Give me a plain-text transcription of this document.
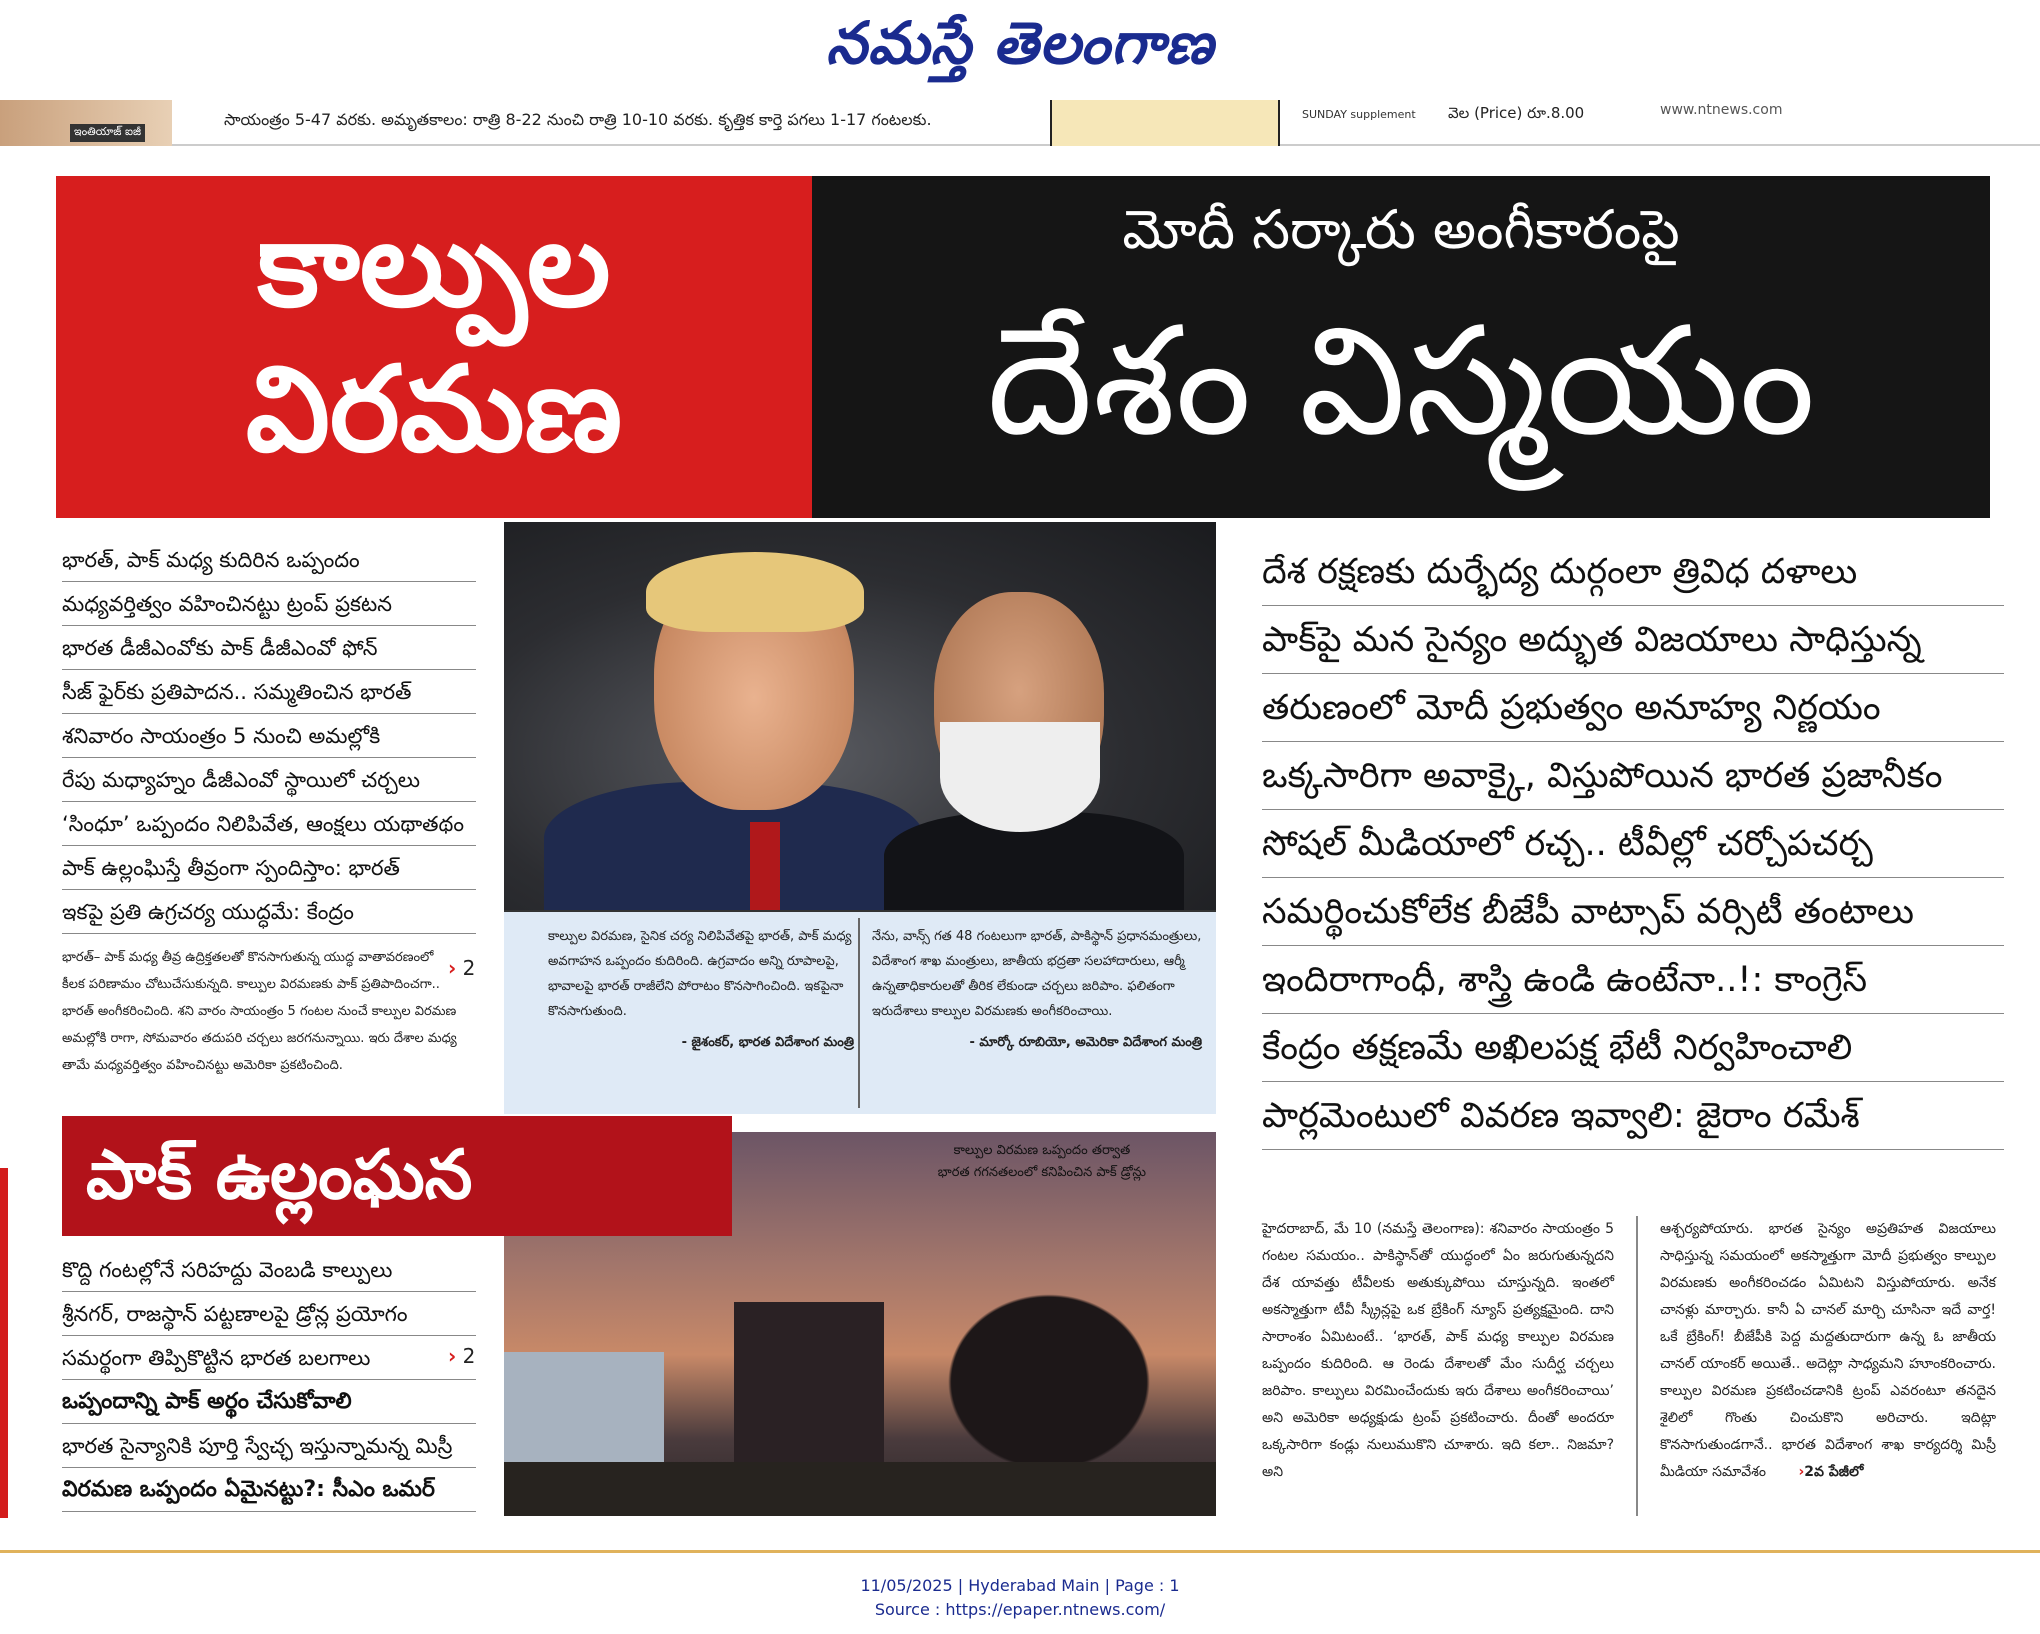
నమస్తే తెలంగాణ
ఇంతియాజ్ ఐజీ
సాయంత్రం 5-47 వరకు. అమృతకాలం: రాత్రి 8-22 నుంచి రాత్రి 10-10 వరకు. కృత్తిక కార్తె పగలు 1-17 గంటలకు.	SUNDAY supplement వెల (Price) రూ.8.00	www.ntnews.com
కాల్పుల
విరమణ
మోదీ సర్కారు అంగీకారంపై
దేశం విస్మయం
భారత్, పాక్ మధ్య కుదిరిన ఒప్పందం
మధ్యవర్తిత్వం వహించినట్టు ట్రంప్ ప్రకటన
భారత డీజీఎంవోకు పాక్ డీజీఎంవో ఫోన్
సీజ్ ఫైర్‌కు ప్రతిపాదన.. సమ్మతించిన భారత్
శనివారం సాయంత్రం 5 నుంచి అమల్లోకి
రేపు మధ్యాహ్నం డీజీఎంవో స్థాయిలో చర్చలు
‘సింధూ’ ఒప్పందం నిలిపివేత, ఆంక్షలు యథాతథం
పాక్ ఉల్లంఘిస్తే తీవ్రంగా స్పందిస్తాం: భారత్
ఇకపై ప్రతి ఉగ్రచర్య యుద్ధమే: కేంద్రం
భారత్– పాక్ మధ్య తీవ్ర ఉద్రిక్తతలతో కొనసాగుతున్న యుద్ధ వాతావరణంలో కీలక పరిణామం చోటుచేసుకున్నది. కాల్పుల విరమణకు పాక్ ప్రతిపాదించగా.. భారత్ అంగీకరించింది. శని వారం సాయంత్రం 5 గంటల నుంచే కాల్పుల విరమణ అమల్లోకి రాగా, సోమవారం తదుపరి చర్చలు జరగనున్నాయి. ఇరు దేశాల మధ్య తామే మధ్యవర్తిత్వం వహించినట్టు అమెరికా ప్రకటించింది.
› 2
కాల్పుల విరమణ, సైనిక చర్య నిలిపివేతపై భారత్, పాక్ మధ్య అవగాహన ఒప్పందం కుదిరింది. ఉగ్రవాదం అన్ని రూపాలపై, భావాలపై భారత్ రాజీలేని పోరాటం కొనసాగించింది. ఇకపైనా కొనసాగుతుంది.
- జైశంకర్, భారత విదేశాంగ మంత్రి
నేను, వాన్స్ గత 48 గంటలుగా భారత్, పాకిస్థాన్ ప్రధానమంత్రులు, విదేశాంగ శాఖ మంత్రులు, జాతీయ భద్రతా సలహాదారులు, ఆర్మీ ఉన్నతాధికారులతో తీరిక లేకుండా చర్చలు జరిపాం. ఫలితంగా ఇరుదేశాలు కాల్పుల విరమణకు అంగీకరించాయి.
- మార్కో రూబియో, అమెరికా విదేశాంగ మంత్రి
కాల్పుల విరమణ ఒప్పందం తర్వాత
భారత గగనతలంలో కనిపించిన పాక్ డ్రోన్లు
పాక్ ఉల్లంఘన
కొద్ది గంటల్లోనే సరిహద్దు వెంబడి కాల్పులు
శ్రీనగర్, రాజస్థాన్ పట్టణాలపై డ్రోన్ల ప్రయోగం
సమర్థంగా తిప్పికొట్టిన భారత బలగాలు
ఒప్పందాన్ని పాక్ అర్థం చేసుకోవాలి
భారత సైన్యానికి పూర్తి స్వేచ్ఛ ఇస్తున్నామన్న మిస్రీ
విరమణ ఒప్పందం ఏమైనట్టు?: సీఎం ఒమర్
› 2
దేశ రక్షణకు దుర్భేద్య దుర్గంలా త్రివిధ దళాలు
పాక్‌పై మన సైన్యం అద్భుత విజయాలు సాధిస్తున్న
తరుణంలో మోదీ ప్రభుత్వం అనూహ్య నిర్ణయం
ఒక్కసారిగా అవాక్కై, విస్తుపోయిన భారత ప్రజానీకం
సోషల్ మీడియాలో రచ్చ.. టీవీల్లో చర్చోపచర్చ
సమర్థించుకోలేక బీజేపీ వాట్సాప్ వర్సిటీ తంటాలు
ఇందిరాగాంధీ, శాస్త్రి ఉండి ఉంటేనా..!: కాంగ్రెస్
కేంద్రం తక్షణమే అఖిలపక్ష భేటీ నిర్వహించాలి
పార్లమెంటులో వివరణ ఇవ్వాలి: జైరాం రమేశ్
హైదరాబాద్, మే 10 (నమస్తే తెలంగాణ): శనివారం సాయంత్రం 5 గంటల సమయం.. పాకిస్థాన్‌తో యుద్ధంలో ఏం జరుగుతున్నదని దేశ యావత్తు టీవీలకు అతుక్కుపోయి చూస్తున్నది. ఇంతలో అకస్మాత్తుగా టీవీ స్క్రీన్లపై ఒక బ్రేకింగ్ న్యూస్ ప్రత్యక్షమైంది. దాని సారాంశం ఏమిటంటే.. ‘భారత్, పాక్ మధ్య కాల్పుల విరమణ ఒప్పందం కుదిరింది. ఆ రెండు దేశాలతో మేం సుదీర్ఘ చర్చలు జరిపాం. కాల్పులు విరమించేందుకు ఇరు దేశాలు అంగీకరించాయి’ అని అమెరికా అధ్యక్షుడు ట్రంప్ ప్రకటించారు. దీంతో అందరూ ఒక్కసారిగా కండ్లు నులుముకొని చూశారు. ఇది కలా.. నిజమా? అని
ఆశ్చర్యపోయారు. భారత సైన్యం అప్రతిహత విజయాలు సాధిస్తున్న సమయంలో అకస్మాత్తుగా మోదీ ప్రభుత్వం కాల్పుల విరమణకు అంగీకరించడం ఏమిటని విస్తుపోయారు. అనేక చానళ్లు మార్చారు. కానీ ఏ చానల్ మార్చి చూసినా ఇదే వార్త! ఒకే బ్రేకింగ్! బీజేపీకి పెద్ద మద్దతుదారుగా ఉన్న ఓ జాతీయ చానల్ యాంకర్ అయితే.. అదెట్లా సాధ్యమని హూంకరించారు. కాల్పుల విరమణ ప్రకటించడానికి ట్రంప్ ఎవరంటూ తనదైన శైలిలో గొంతు చించుకొని అరిచారు. ఇదిట్లా కొనసాగుతుండగానే.. భారత విదేశాంగ శాఖ కార్యదర్శి మిస్రీ మీడియా సమావేశం ›2వ పేజీలో
11/05/2025 | Hyderabad Main | Page : 1
Source : https://epaper.ntnews.com/
